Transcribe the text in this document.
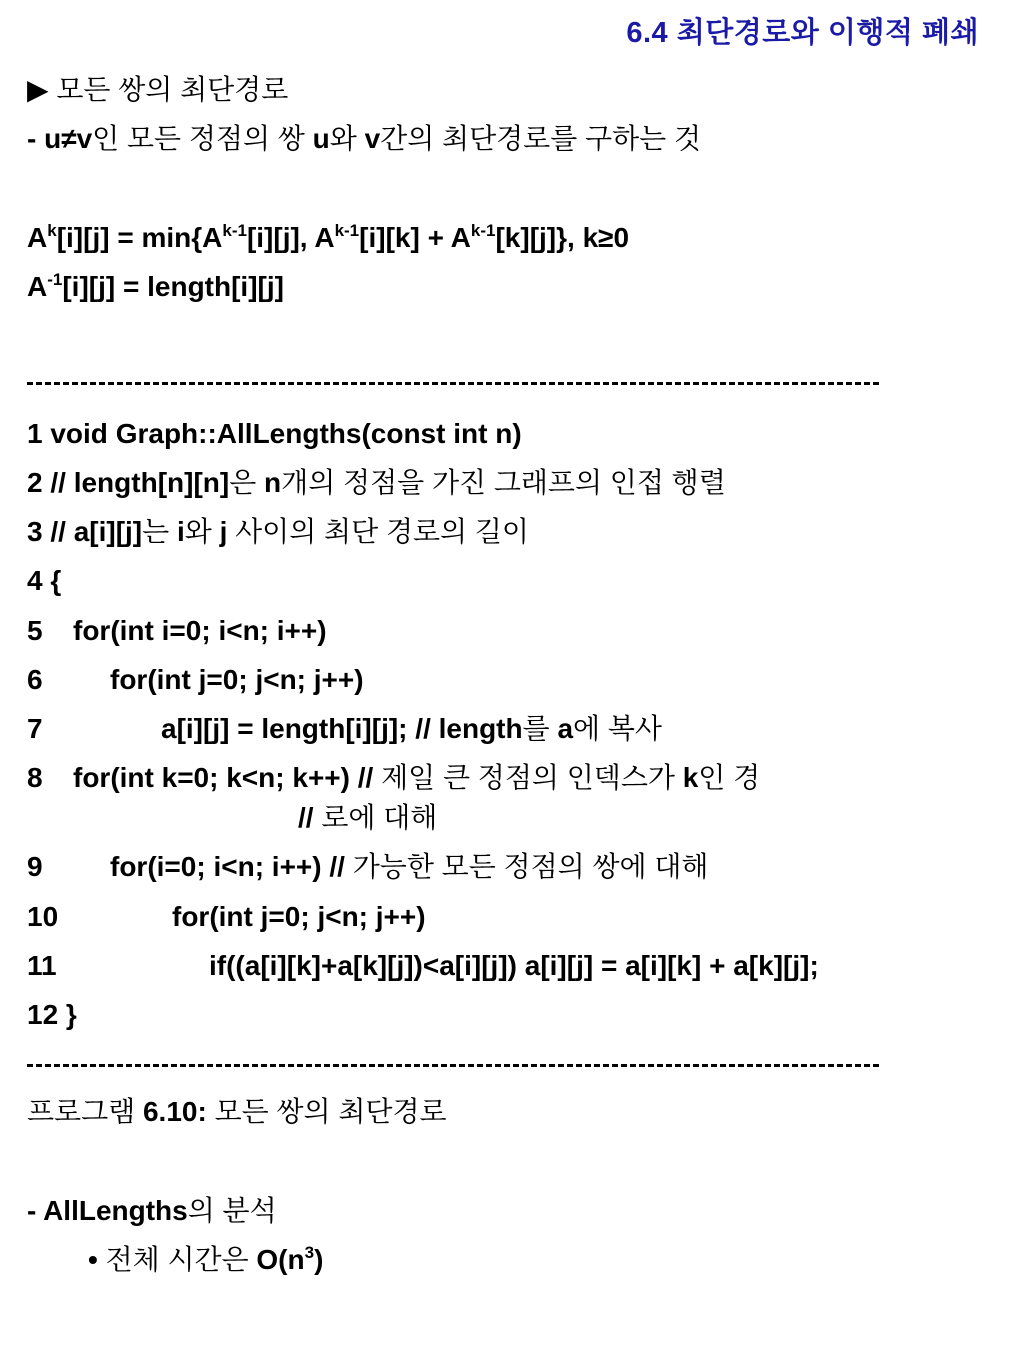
6.4 최단경로와 이행적 폐쇄
▶ 모든 쌍의 최단경로
- u≠v인 모든 정점의 쌍 u와 v간의 최단경로를 구하는 것
$A^k[i][j] = \min\{A^{k-1}[i][j]$, $A^{k-1}[i][k] + A^{k-1}[k][j]$}, k≥0
$A^{-1}[i][j]$ = length[i][j]
1 void Graph::AllLengths(const int n)
2 // length[n][n]은 n개의 정점을 가진 그래프의 인접 행렬
3 // a[i][j]는 i와 j 사이의 최단 경로의 길이
4 {
5 for(int i=0; i<n; i++)
6 for(int j=0; j<n; j++)
7	a[i][j] = length[i][j]; // length를 a에 복사
8 for(int k=0; k<n; k++) // 제일 큰 정점의 인덱스가 k인 경
// 로에 대해
9 for(i=0; i<n; i++) // 가능한 모든 정점의 쌍에 대해
10	for(int j=0; j<n; j++)
11	if((a[i][k]+a[k][j])<a[i][j]) a[i][j] = a[i][k] + a[k][j];
12 }
프로그램 6.10: 모든 쌍의 최단경로
- AllLengths의 분석
• 전체 시간은 $O(n^3)$
